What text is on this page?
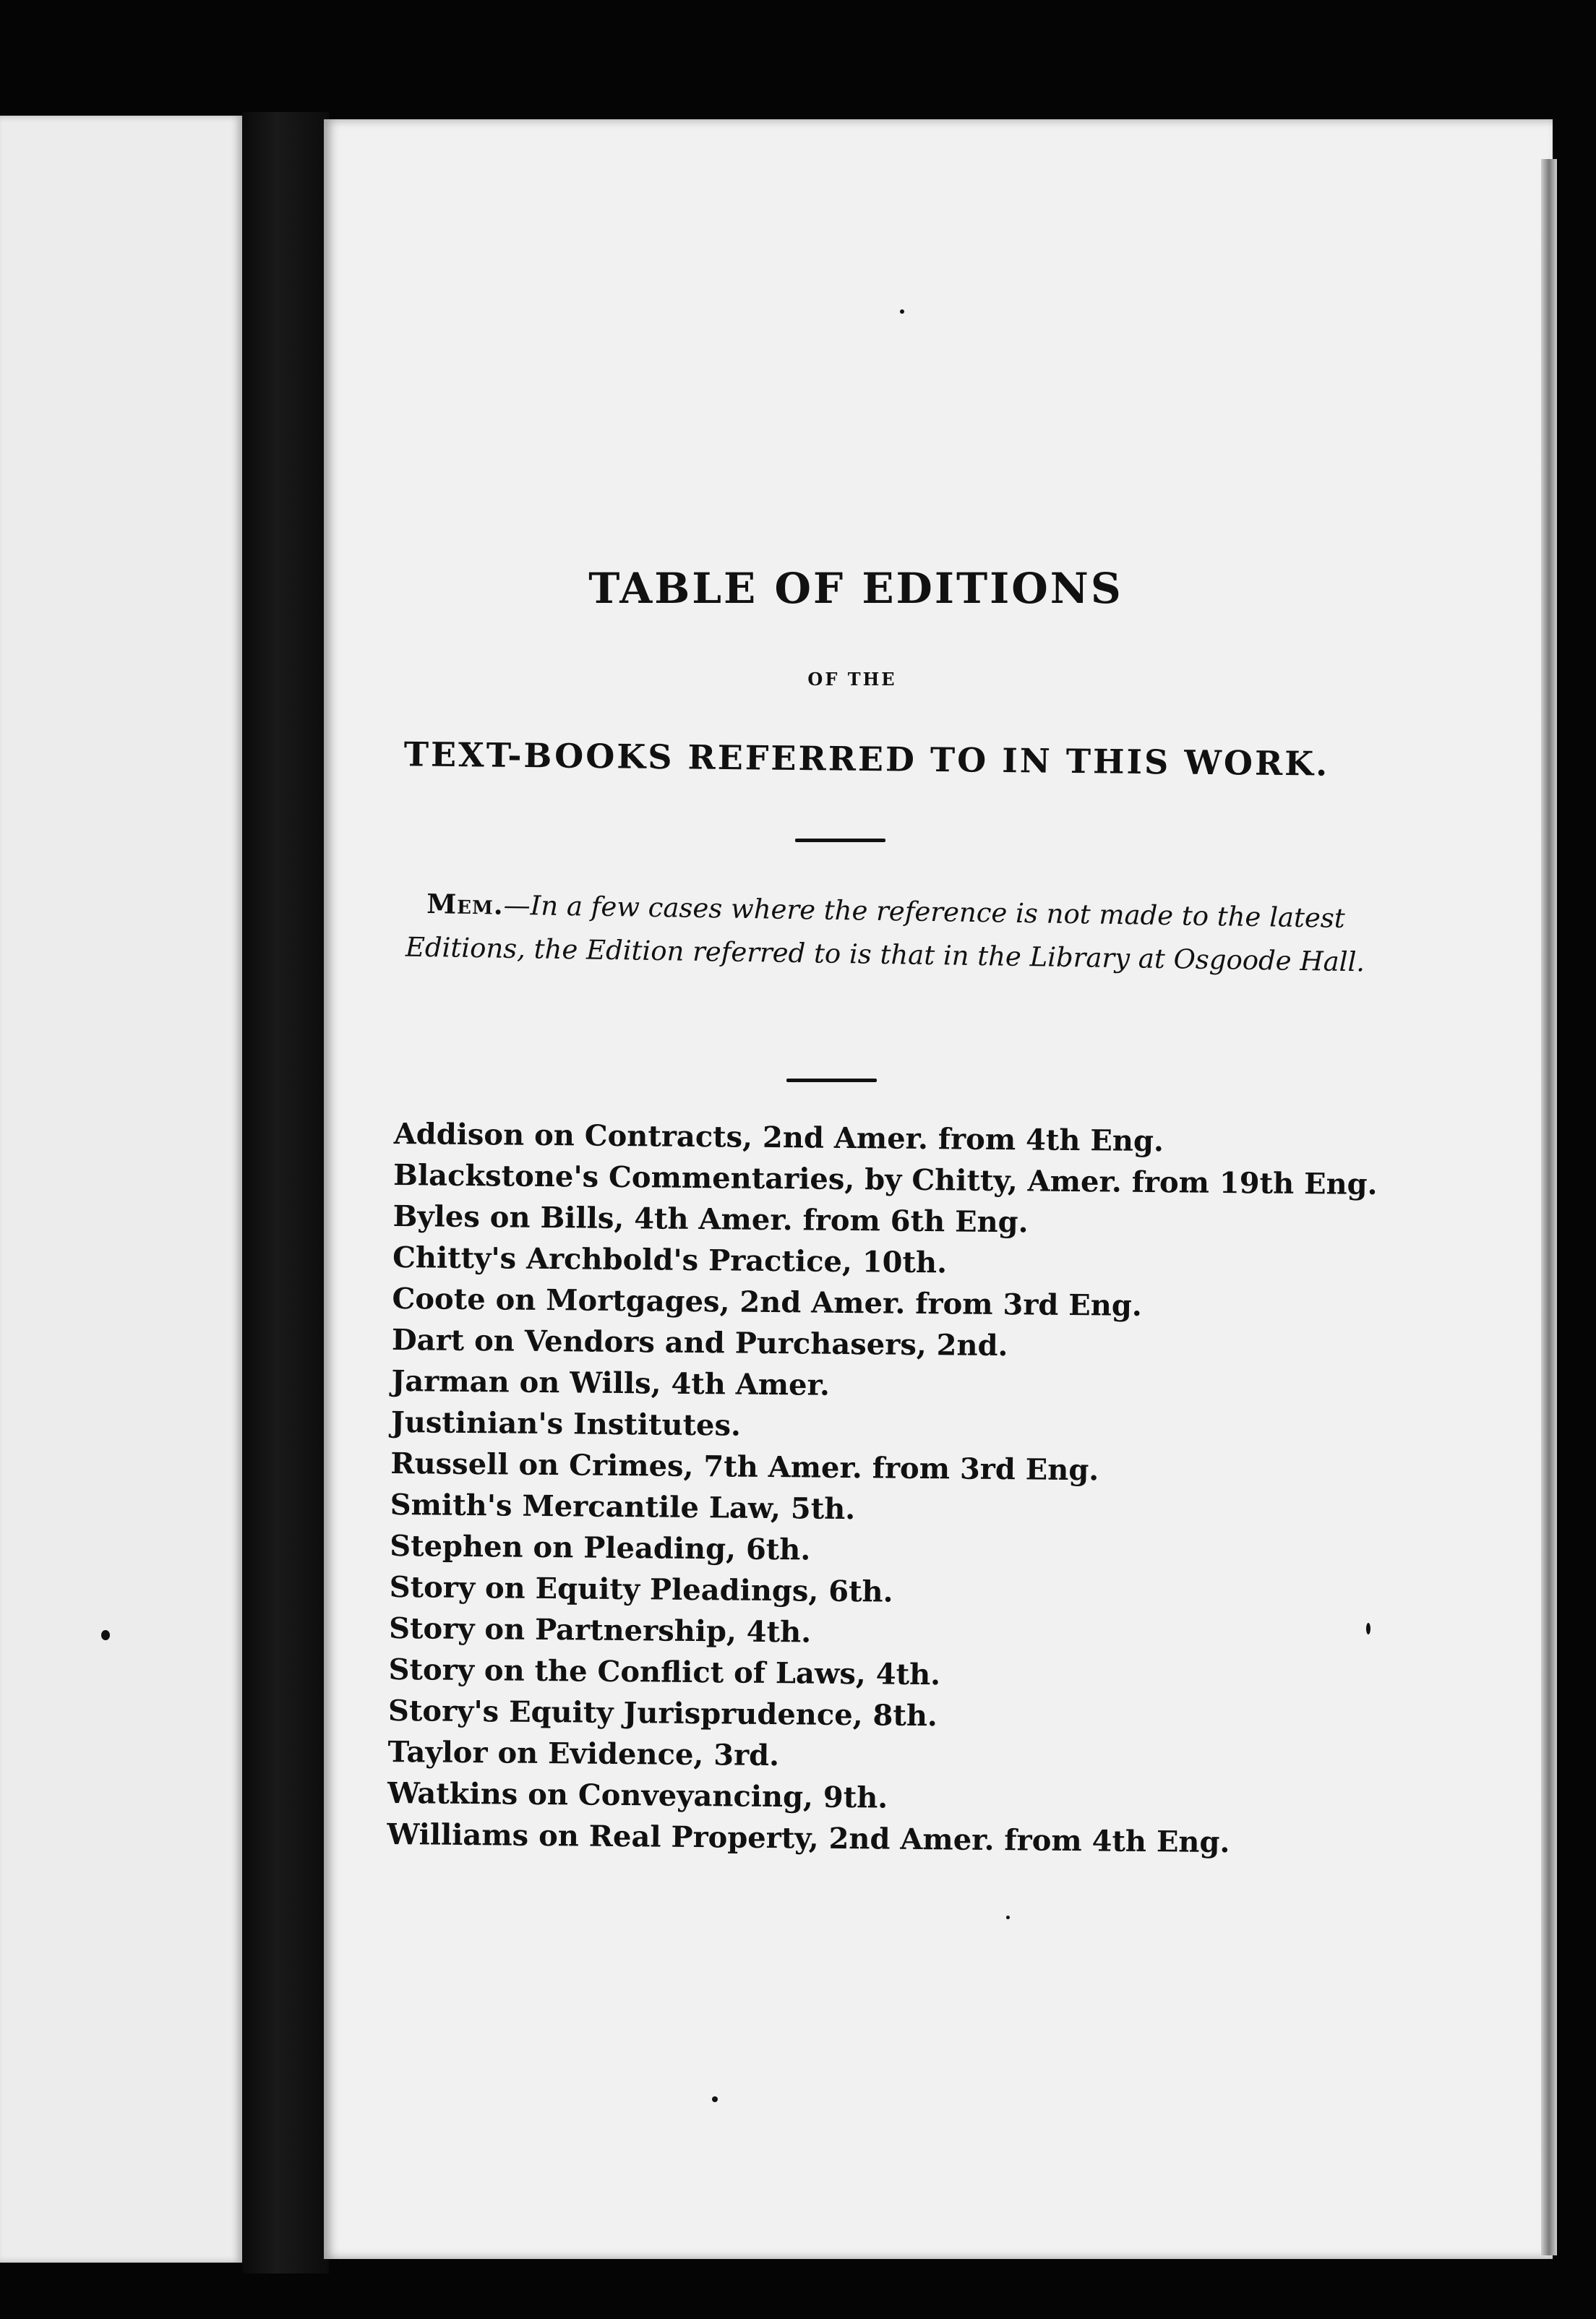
TABLE OF EDITIONS
OF THE
TEXT-BOOKS REFERRED TO IN THIS WORK.
Mem.—In a few cases where the reference is not made to the latest Editions, the Edition referred to is that in the Library at Osgoode Hall.
Addison on Contracts, 2nd Amer. from 4th Eng.
Blackstone's Commentaries, by Chitty, Amer. from 19th Eng.
Byles on Bills, 4th Amer. from 6th Eng.
Chitty's Archbold's Practice, 10th.
Coote on Mortgages, 2nd Amer. from 3rd Eng.
Dart on Vendors and Purchasers, 2nd.
Jarman on Wills, 4th Amer.
Justinian's Institutes.
Russell on Crimes, 7th Amer. from 3rd Eng.
Smith's Mercantile Law, 5th.
Stephen on Pleading, 6th.
Story on Equity Pleadings, 6th.
Story on Partnership, 4th.
Story on the Conflict of Laws, 4th.
Story's Equity Jurisprudence, 8th.
Taylor on Evidence, 3rd.
Watkins on Conveyancing, 9th.
Williams on Real Property, 2nd Amer. from 4th Eng.
